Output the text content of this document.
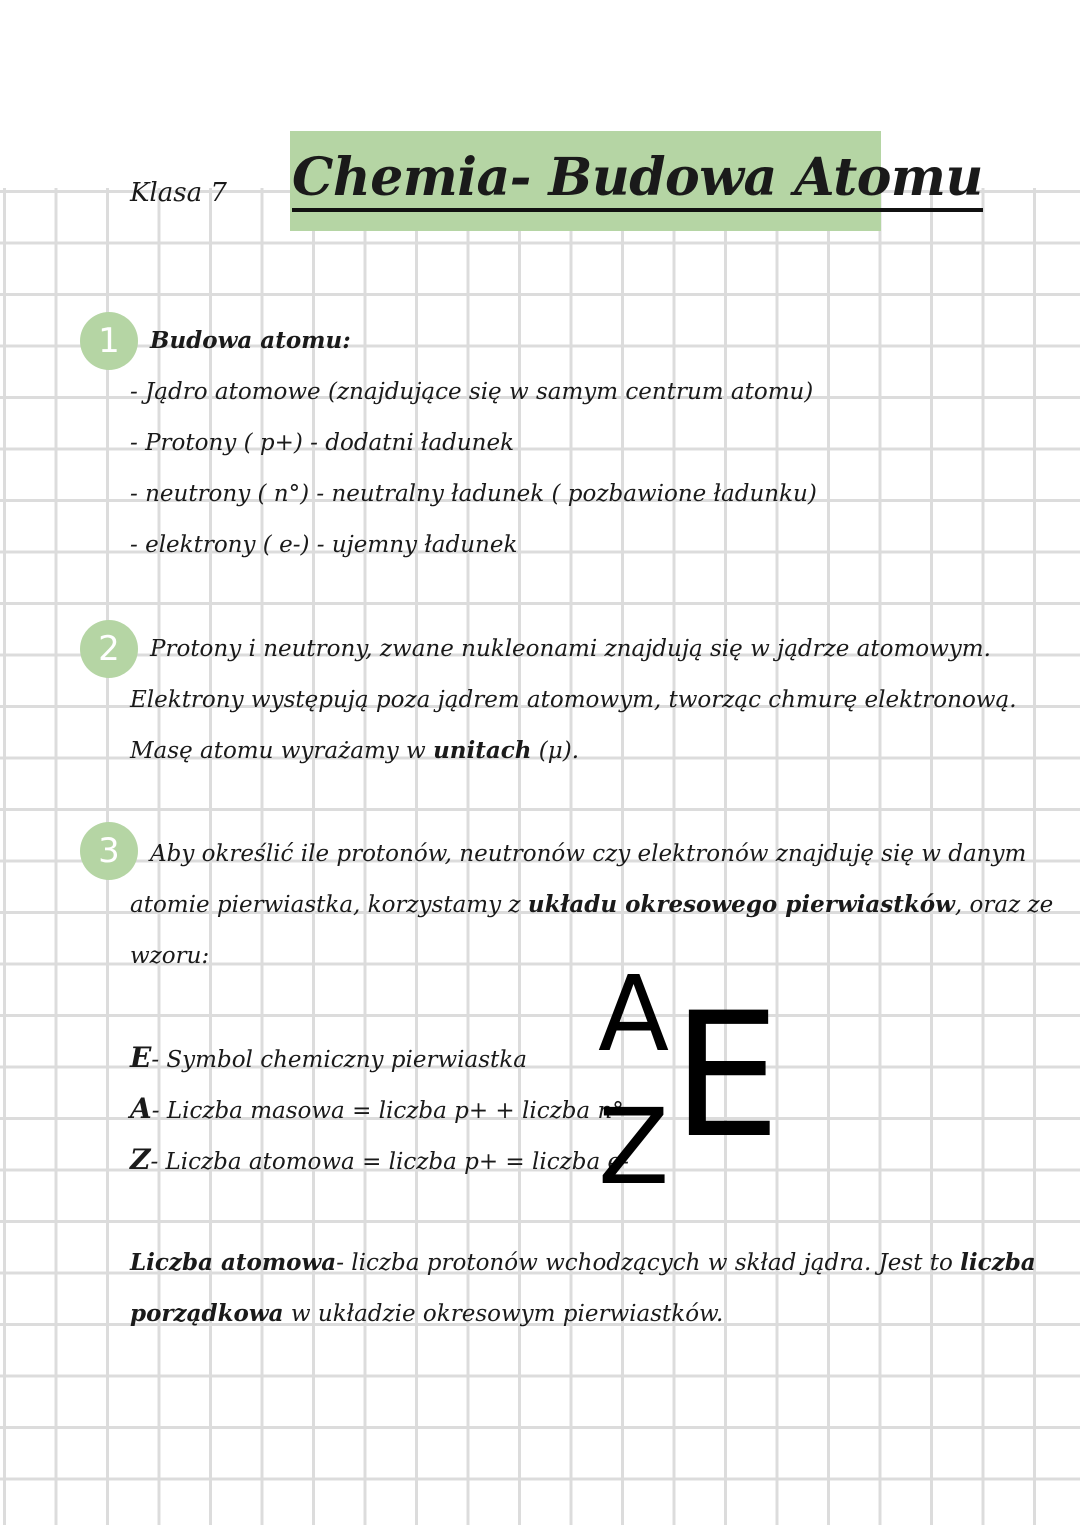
Klasa 7 Chemia- Budowa Atomu
1	Budowa atomu:
- Jądro atomowe (znajdujące się w samym centrum atomu)
- Protony ( p+) - dodatni ładunek
- neutrony ( n°) - neutralny ładunek ( pozbawione ładunku)
- elektrony ( e-) - ujemny ładunek
2	Protony i neutrony, zwane nukleonami znajdują się w jądrze atomowym.
Elektrony występują poza jądrem atomowym, tworząc chmurę elektronową.
Masę atomu wyrażamy w unitach (μ).
3	Aby określić ile protonów, neutronów czy elektronów znajduję się w danym
atomie pierwiastka, korzystamy z układu okresowego pierwiastków, oraz ze
wzoru:
E- Symbol chemiczny pierwiastka
A- Liczba masowa = liczba p+ + liczba n°
Z- Liczba atomowa = liczba p+ = liczba e-
A E
Z
Liczba atomowa- liczba protonów wchodzących w skład jądra. Jest to liczba
porządkowa w układzie okresowym pierwiastków.
